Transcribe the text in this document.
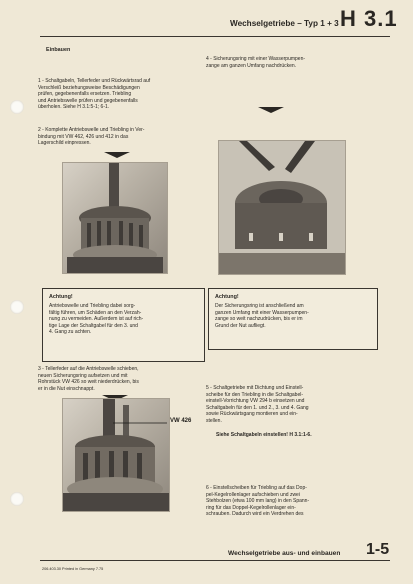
Wechselgetriebe – Typ 1 + 3 H 3.1
Einbauen
1 - Schaltgabeln, Tellerfeder und Rückwärtsrad auf
Verschleiß beziehungsweise Beschädigungen
prüfen, gegebenenfalls ersetzen. Triebling
und Antriebswelle prüfen und gegebenenfalls
überholen. Siehe H 3.1:5-1; 6-1.
2 - Komplette Antriebswelle und Triebling in Ver-
bindung mit VW 462, 426 und 412 in das
Lagerschild einpressen.
Achtung!
Antriebswelle und Triebling dabei sorg-
fältig führen, um Schäden an den Verzah-
nung zu vermeiden. Außerdem ist auf rich-
tige Lage der Schaltgabel für den 3. und
4. Gang zu achten.
3 - Tellerfeder auf die Antriebswelle schieben,
neuen Sicherungsring aufsetzen und mit
Rohrstück VW 426 so weit niederdrücken, bis
er in die Nut einschnappt.
VW 426
4 - Sicherungsring mit einer Wasserpumpen-
zange am ganzen Umfang nachdrücken.
Achtung!
Der Sicherungsring ist anschließend am
ganzen Umfang mit einer Wasserpumpen-
zange so weit nachzudrücken, bis er im
Grund der Nut aufliegt.
5 - Schaltgetriebe mit Dichtung und Einstell-
scheibe für den Triebling in die Schaltgabel-
einstell-Vorrichtung VW 294 b einsetzen und
Schaltgabeln für den 1. und 2., 3. und 4. Gang
sowie Rückwärtsgang montieren und ein-
stellen.
Siehe Schaltgabeln einstellen! H 3.1:1-6.
6 - Einstellscheiben für Triebling auf das Dop-
pel-Kegelrollenlager aufschieben und zwei
Stehbolzen (etwa 100 mm lang) in den Spann-
ring für das Doppel-Kegelrollenlager ein-
schrauben. Dadurch wird ein Verdrehen des
Wechselgetriebe aus- und einbauen 1-5
206.403.30 Printed in Germany 7.75
